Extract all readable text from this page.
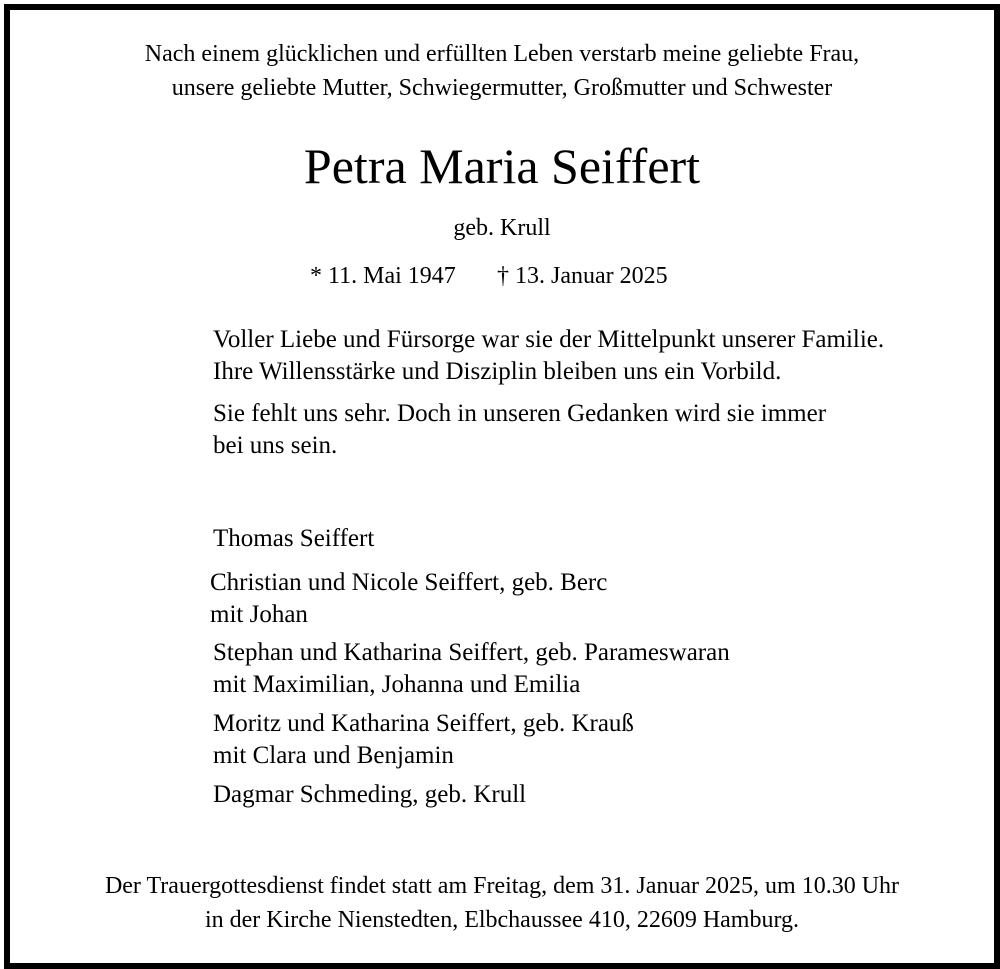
Nach einem glücklichen und erfüllten Leben verstarb meine geliebte Frau,
unsere geliebte Mutter, Schwiegermutter, Großmutter und Schwester
Petra Maria Seiffert
geb. Krull
* 11. Mai 1947 † 13. Januar 2025
Voller Liebe und Fürsorge war sie der Mittelpunkt unserer Familie.
Ihre Willensstärke und Disziplin bleiben uns ein Vorbild.
Sie fehlt uns sehr. Doch in unseren Gedanken wird sie immer
bei uns sein.
Thomas Seiffert
Christian und Nicole Seiffert, geb. Berc
mit Johan
Stephan und Katharina Seiffert, geb. Parameswaran
mit Maximilian, Johanna und Emilia
Moritz und Katharina Seiffert, geb. Krauß
mit Clara und Benjamin
Dagmar Schmeding, geb. Krull
Der Trauergottesdienst findet statt am Freitag, dem 31. Januar 2025, um 10.30 Uhr
in der Kirche Nienstedten, Elbchaussee 410, 22609 Hamburg.
